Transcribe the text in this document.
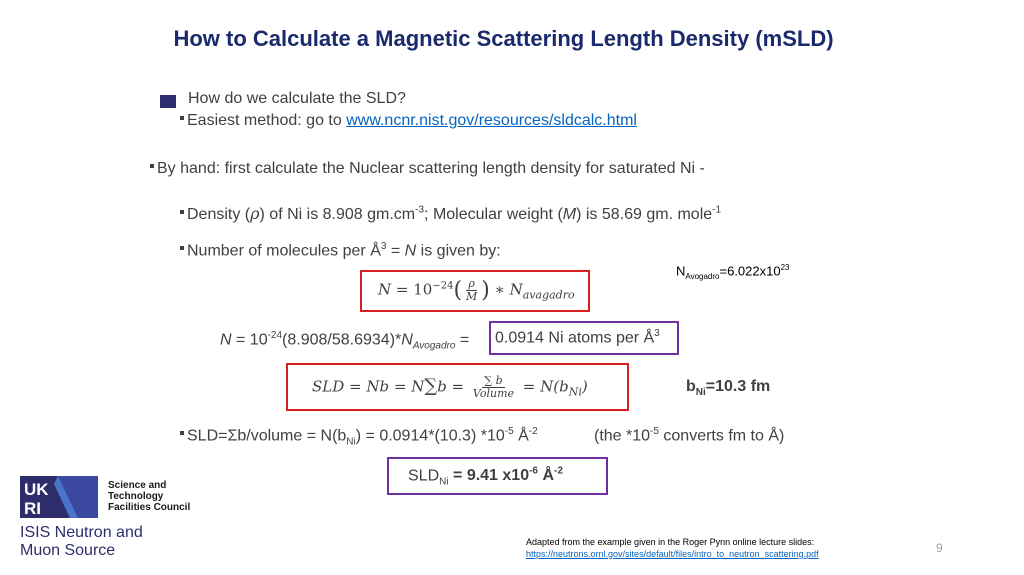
How to Calculate a Magnetic Scattering Length Density (mSLD)
How do we calculate the SLD?
Easiest method: go to www.ncnr.nist.gov/resources/sldcalc.html
By hand: first calculate the Nuclear scattering length density for saturated Ni -
Density (ρ) of Ni is 8.908 $gm.cm^{-3}$; Molecular weight (M) is 58.69 gm. mole$^{-1}$
Number of molecules per $Å^3 = N$ is given by:
$N_{Avogadro}=6.022x10^{23}$
$N = 10^{-24}( \frac{\rho}{M}$ ) ∗ $N_{avagadro}$
$N = 10^{-24}(8.908/58.6934)*N_{Avogadro} = 0.0914$ Ni atoms per $Å^3$
SLD = $Nb = N\sum b = \frac{\sum b}{\text{Volume}} = N(b_{Ni})$	$b_{Ni}=10.3$ fm
SLD=Σb/volume = $N(b_{Ni}) = 0.0914*(10.3)$ $*10^{-5}$ $Å^{-2}$	(the $*10^{-5}$ converts fm to Å)
$SLD_{Ni} = 9.41$ $x10^{-6}$ $Å^{-2}$
UK
RI
Science and
Technology
Facilities Council
ISIS Neutron and
Muon Source	Adapted from the example given in the Roger Pynn online lecture slides:
https://neutrons.ornl.gov/sites/default/files/intro_to_neutron_scattering.pdf	9
